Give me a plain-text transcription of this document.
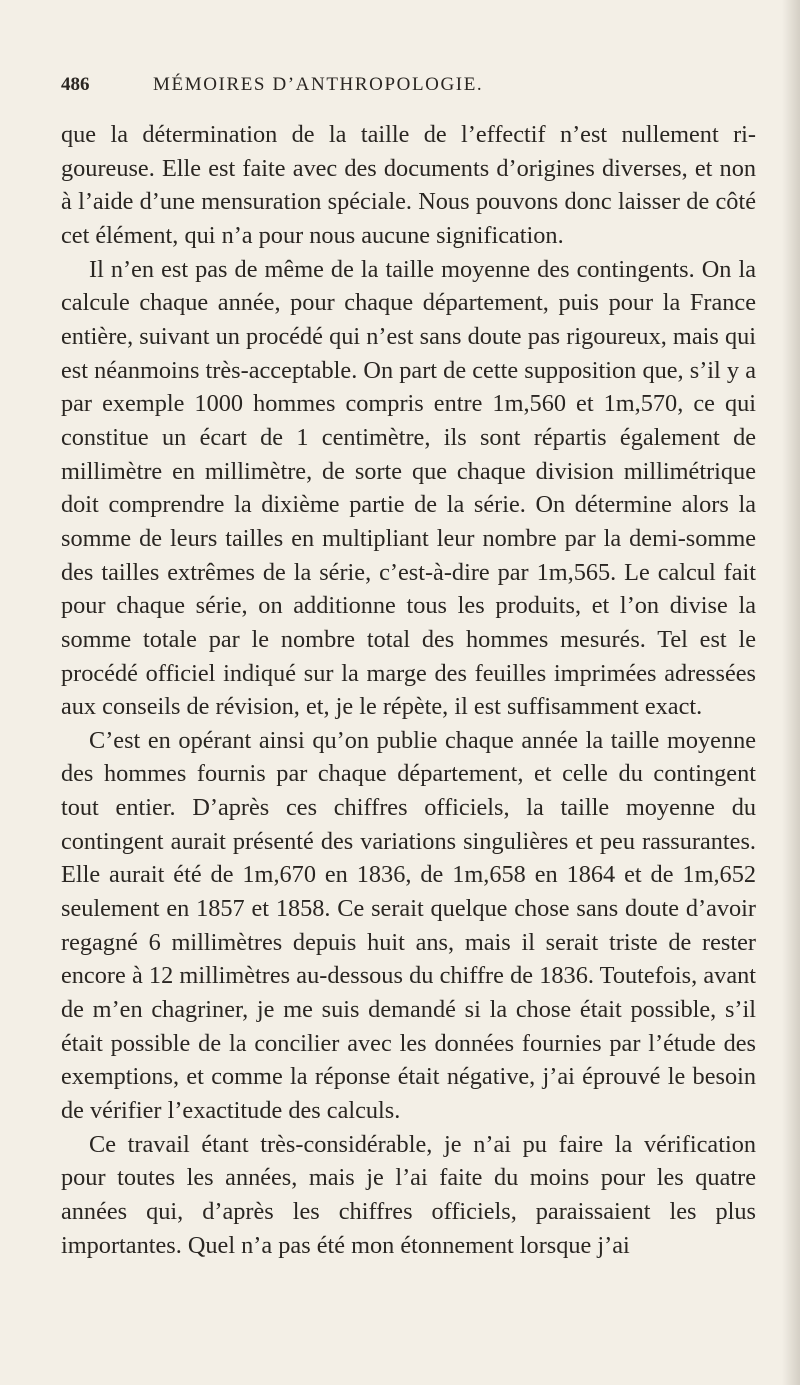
486	MÉMOIRES D’ANTHROPOLOGIE.

que la détermination de la taille de l’effectif n’est nullement rigoureuse. Elle est faite avec des documents d’origines diverses, et non à l’aide d’une mensuration spéciale. Nous pouvons donc laisser de côté cet élément, qui n’a pour nous aucune signification.

Il n’en est pas de même de la taille moyenne des contingents. On la calcule chaque année, pour chaque département, puis pour la France entière, suivant un procédé qui n’est sans doute pas rigoureux, mais qui est néanmoins très-acceptable. On part de cette supposition que, s’il y a par exemple 1000 hommes compris entre 1m,560 et 1m,570, ce qui constitue un écart de 1 centimètre, ils sont répartis également de millimètre en millimètre, de sorte que chaque division millimétrique doit comprendre la dixième partie de la série. On détermine alors la somme de leurs tailles en multipliant leur nombre par la demi-somme des tailles extrêmes de la série, c’est-à-dire par 1m,565. Le calcul fait pour chaque série, on additionne tous les produits, et l’on divise la somme totale par le nombre total des hommes mesurés. Tel est le procédé officiel indiqué sur la marge des feuilles imprimées adressées aux conseils de révision, et, je le répète, il est suffisamment exact.

C’est en opérant ainsi qu’on publie chaque année la taille moyenne des hommes fournis par chaque département, et celle du contingent tout entier. D’après ces chiffres officiels, la taille moyenne du contingent aurait présenté des variations singulières et peu rassurantes. Elle aurait été de 1m,670 en 1836, de 1m,658 en 1864 et de 1m,652 seulement en 1857 et 1858. Ce serait quelque chose sans doute d’avoir regagné 6 millimètres depuis huit ans, mais il serait triste de rester encore à 12 millimètres au-dessous du chiffre de 1836. Toutefois, avant de m’en chagriner, je me suis demandé si la chose était possible, s’il était possible de la concilier avec les données fournies par l’étude des exemptions, et comme la réponse était négative, j’ai éprouvé le besoin de vérifier l’exactitude des calculs.

Ce travail étant très-considérable, je n’ai pu faire la vérification pour toutes les années, mais je l’ai faite du moins pour les quatre années qui, d’après les chiffres officiels, paraissaient les plus importantes. Quel n’a pas été mon étonnement lorsque j’ai
